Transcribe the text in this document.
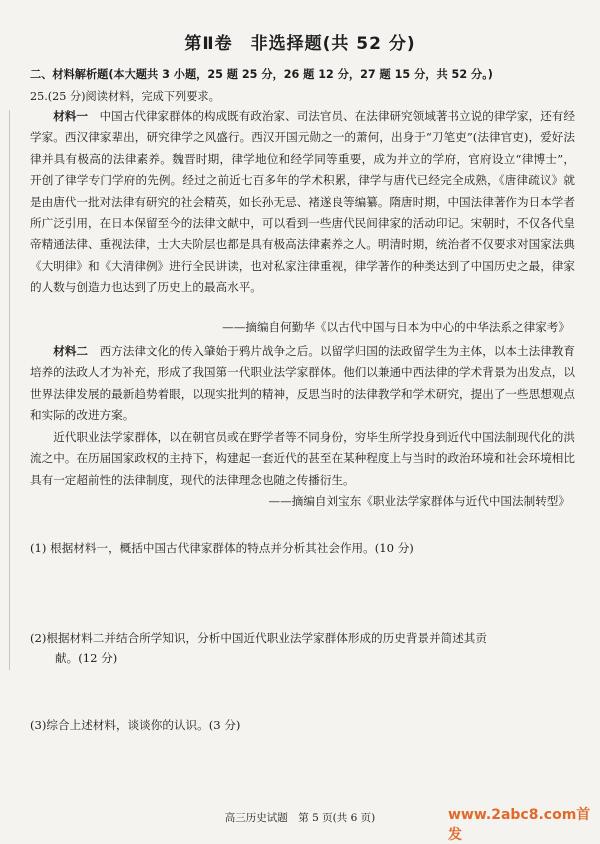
第Ⅱ卷　非选择题(共 52 分)
二、材料解析题(本大题共 3 小题，25 题 25 分，26 题 12 分，27 题 15 分，共 52 分。)
25.(25 分)阅读材料，完成下列要求。
材料一　中国古代律家群体的构成既有政治家、司法官员、在法律研究领域著书立说的律学家，还有经学家。西汉律家辈出，研究律学之风盛行。西汉开国元勋之一的萧何，出身于“刀笔吏”(法律官吏)，爱好法律并具有极高的法律素养。魏晋时期，律学地位和经学同等重要，成为并立的学府，官府设立“律博士”，开创了律学专门学府的先例。经过之前近七百多年的学术积累，律学与唐代已经完全成熟，《唐律疏议》就是由唐代一批对法律有研究的社会精英，如长孙无忌、褚遂良等编纂。隋唐时期，中国法律著作为日本学者所广泛引用，在日本保留至今的法律文献中，可以看到一些唐代民间律家的活动印记。宋朝时，不仅各代皇帝精通法律、重视法律，士大夫阶层也都是具有极高法律素养之人。明清时期，统治者不仅要求对国家法典《大明律》和《大清律例》进行全民讲读，也对私家注律重视，律学著作的种类达到了中国历史之最，律家的人数与创造力也达到了历史上的最高水平。
——摘编自何勤华《以古代中国与日本为中心的中华法系之律家考》
材料二　西方法律文化的传入肇始于鸦片战争之后。以留学归国的法政留学生为主体，以本土法律教育培养的法政人才为补充，形成了我国第一代职业法学家群体。他们以兼通中西法律的学术背景为出发点，以世界法律发展的最新趋势着眼，以现实批判的精神，反思当时的法律教学和学术研究，提出了一些思想观点和实际的改进方案。
近代职业法学家群体，以在朝官员或在野学者等不同身份，穷毕生所学投身到近代中国法制现代化的洪流之中。在历届国家政权的主持下，构建起一套近代的甚至在某种程度上与当时的政治环境和社会环境相比具有一定超前性的法律制度，现代的法律理念也随之传播衍生。
——摘编自刘宝东《职业法学家群体与近代中国法制转型》
(1) 根据材料一，概括中国古代律家群体的特点并分析其社会作用。(10 分)
(2)根据材料二并结合所学知识，分析中国近代职业法学家群体形成的历史背景并简述其贡
献。(12 分)
(3)综合上述材料，谈谈你的认识。(3 分)
高三历史试题　第 5 页(共 6 页)	www.2abc8.com首发
